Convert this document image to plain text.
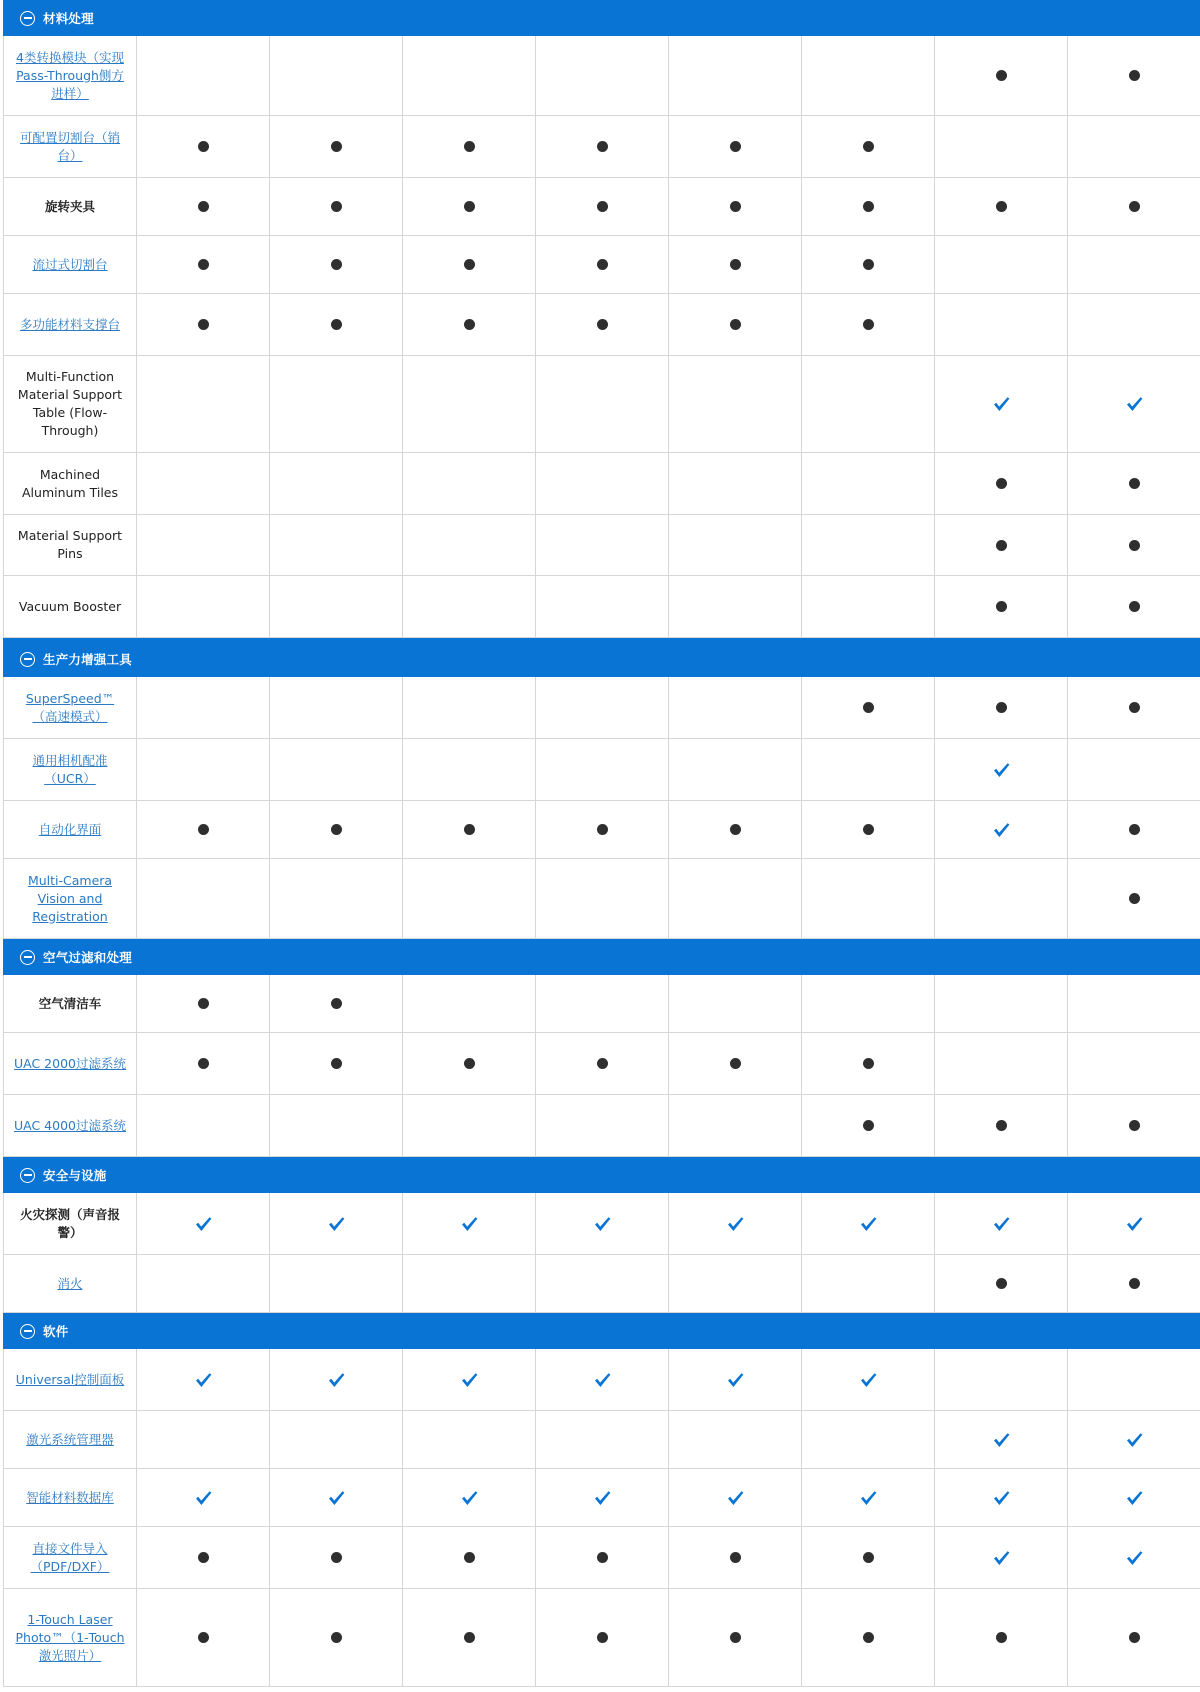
材料处理
4类转换模块（实现Pass-Through侧方进样）
可配置切割台（销台）
旋转夹具
流过式切割台
多功能材料支撑台
Multi-Function Material Support Table (Flow-Through)
Machined Aluminum Tiles
Material Support Pins
Vacuum Booster
生产力增强工具
SuperSpeed™（高速模式）
通用相机配准（UCR）
自动化界面
Multi-Camera Vision and Registration
空气过滤和处理
空气清洁车
UAC 2000过滤系统
UAC 4000过滤系统
安全与设施
火灾探测（声音报警）
消火
软件
Universal控制面板
激光系统管理器
智能材料数据库
直接文件导入（PDF/DXF）
1-Touch Laser Photo™（1-Touch激光照片）
